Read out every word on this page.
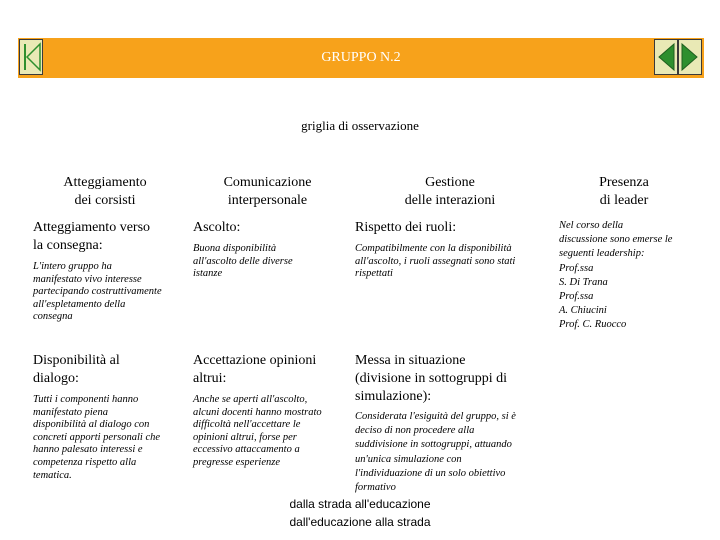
GRUPPO N.2
griglia di osservazione
Atteggiamento
dei corsisti
Comunicazione
interpersonale
Gestione
delle interazioni
Presenza
di leader
Atteggiamento verso
la consegna:
L'intero gruppo ha
manifestato vivo interesse
partecipando costruttivamente
all'espletamento della
consegna
Disponibilità al
dialogo:
Tutti i componenti hanno
manifestato piena
disponibilità al dialogo con
concreti apporti personali che
hanno palesato interessi e
competenza rispetto alla
tematica.
Ascolto:
Buona disponibilità
all'ascolto delle diverse
istanze
Accettazione opinioni
altrui:
Anche se aperti all'ascolto,
alcuni docenti hanno mostrato
difficoltà nell'accettare le
opinioni altrui, forse per
eccessivo attaccamento a
pregresse esperienze
Rispetto dei ruoli:
Compatibilmente con la disponibilità
all'ascolto, i ruoli assegnati sono stati
rispettati
Messa in situazione
(divisione in sottogruppi di
simulazione):
Considerata l'esiguità del gruppo, si è
deciso di non procedere alla
suddivisione in sottogruppi, attuando
un'unica simulazione con
l'individuazione di un solo obiettivo
formativo
Nel corso della
discussione sono emerse le
seguenti leadership:
Prof.ssa
S. Di Trana
Prof.ssa
A. Chiucini
Prof. C. Ruocco
dalla strada all'educazione
dall'educazione alla strada
